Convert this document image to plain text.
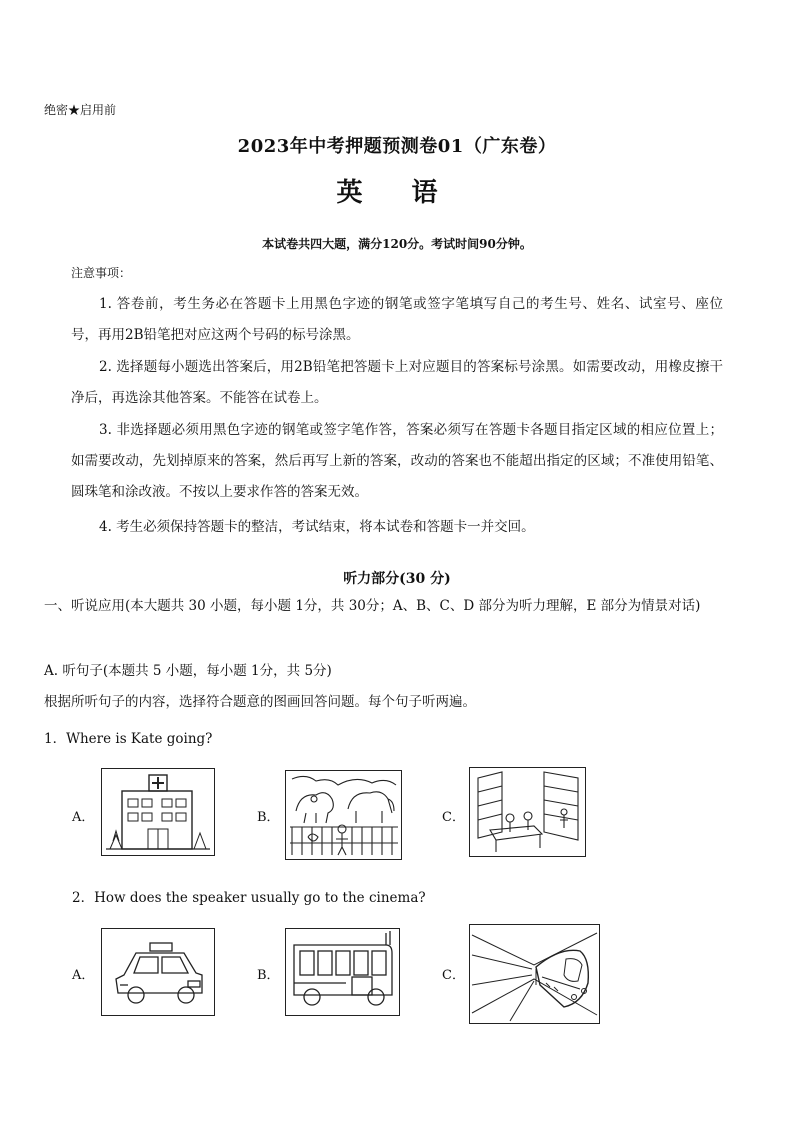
绝密★启用前
2023年中考押题预测卷01（广东卷）
英 语
本试卷共四大题，满分120分。考试时间90分钟。
注意事项：
1. 答卷前，考生务必在答题卡上用黑色字迹的钢笔或签字笔填写自己的考生号、姓名、试室号、座位号，再用2B铅笔把对应这两个号码的标号涂黑。
2. 选择题每小题选出答案后，用2B铅笔把答题卡上对应题目的答案标号涂黑。如需要改动，用橡皮擦干净后，再选涂其他答案。不能答在试卷上。
3. 非选择题必须用黑色字迹的钢笔或签字笔作答，答案必须写在答题卡各题目指定区域的相应位置上；如需要改动，先划掉原来的答案，然后再写上新的答案，改动的答案也不能超出指定的区域；不准使用铅笔、圆珠笔和涂改液。不按以上要求作答的答案无效。
4. 考生必须保持答题卡的整洁，考试结束，将本试卷和答题卡一并交回。
听力部分(30 分)
一、听说应用(本大题共 30 小题，每小题 1分，共 30分；A、B、C、D 部分为听力理解，E 部分为情景对话)
A. 听句子(本题共 5 小题，每小题 1分，共 5分)
根据所听句子的内容，选择符合题意的图画回答问题。每个句子听两遍。
1．Where is Kate going?
A．	B．	C．
2．How does the speaker usually go to the cinema?
A．	B．	C．
